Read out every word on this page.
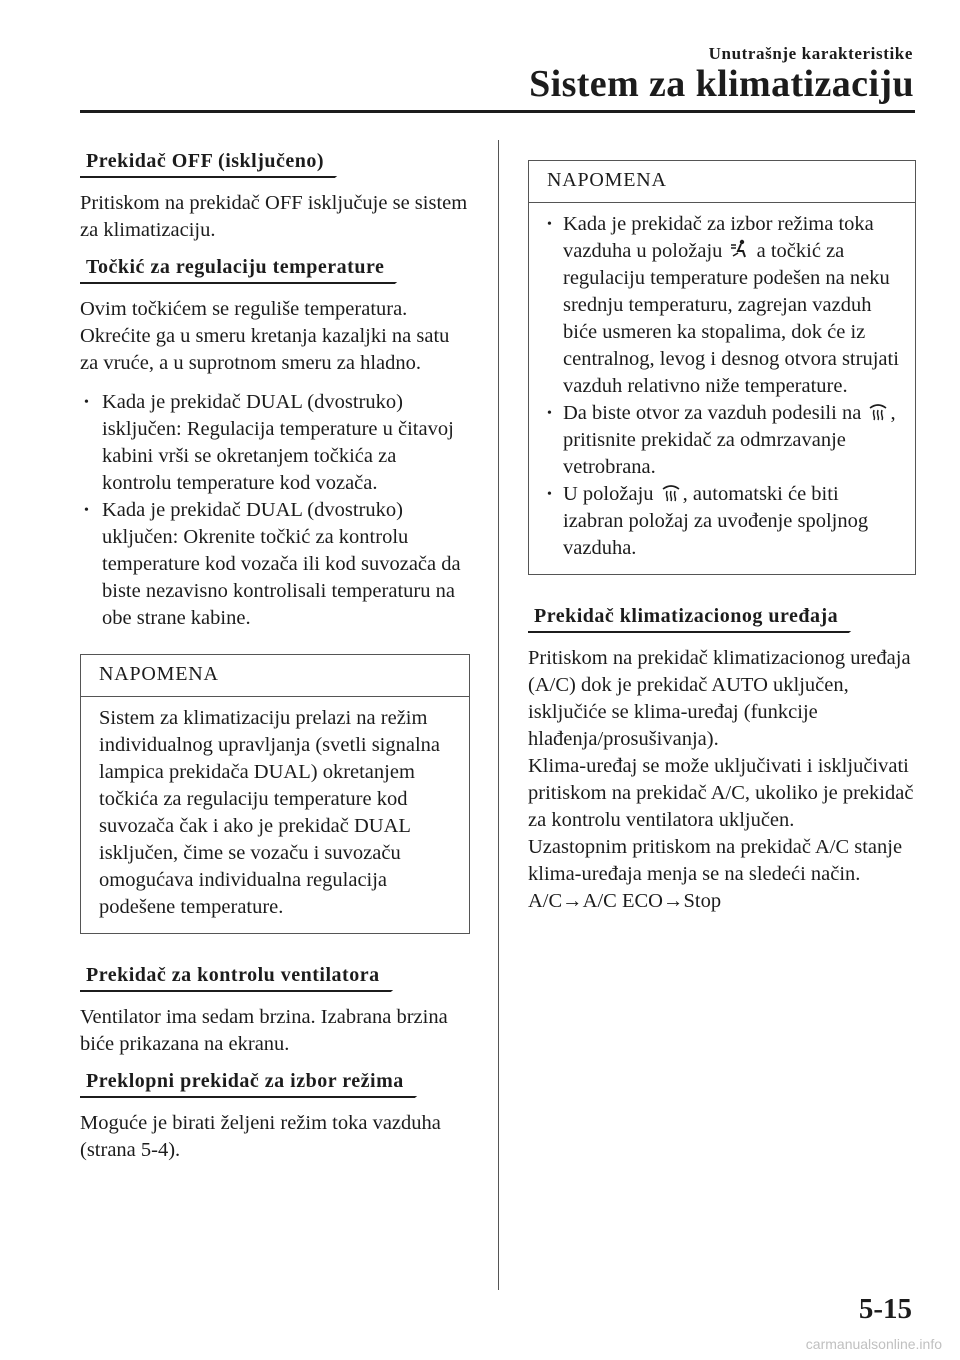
Unutrašnje karakteristike
Sistem za klimatizaciju
Prekidač OFF (isključeno)

Pritiskom na prekidač OFF isključuje se sistem za klimatizaciju.

Točkić za regulaciju temperature

Ovim točkićem se reguliše temperatura. Okrećite ga u smeru kretanja kazaljki na satu za vruće, a u suprotnom smeru za hladno.

• Kada je prekidač DUAL (dvostruko) isključen: Regulacija temperature u čitavoj kabini vrši se okretanjem točkića za kontrolu temperature kod vozača.
• Kada je prekidač DUAL (dvostruko) uključen: Okrenite točkić za kontrolu temperature kod vozača ili kod suvozača da biste nezavisno kontrolisali temperaturu na obe strane kabine.
NAPOMENA
Sistem za klimatizaciju prelazi na režim individualnog upravljanja (svetli signalna lampica prekidača DUAL) okretanjem točkića za regulaciju temperature kod suvozača čak i ako je prekidač DUAL isključen, čime se vozaču i suvozaču omogućava individualna regulacija podešene temperature.
Prekidač za kontrolu ventilatora

Ventilator ima sedam brzina. Izabrana brzina biće prikazana na ekranu.

Preklopni prekidač za izbor režima

Moguće je birati željeni režim toka vazduha (strana 5-4).

NAPOMENA
• Kada je prekidač za izbor režima toka vazduha u položaju  a točkić za regulaciju temperature podešen na neku srednju temperaturu, zagrejan vazduh biće usmeren ka stopalima, dok će iz centralnog, levog i desnog otvora strujati vazduh relativno niže temperature.
• Da biste otvor za vazduh podesili na , pritisnite prekidač za odmrzavanje vetrobrana.
• U položaju , automatski će biti izabran položaj za uvođenje spoljnog vazduha.
Prekidač klimatizacionog uređaja

Pritiskom na prekidač klimatizacionog uređaja (A/C) dok je prekidač AUTO uključen, isključiće se klima-uređaj (funkcije hlađenja/prosušivanja).

Klima-uređaj se može uključivati i isključivati pritiskom na prekidač A/C, ukoliko je prekidač za kontrolu ventilatora uključen.

Uzastopnim pritiskom na prekidač A/C stanje klima-uređaja menja se na sledeći način.

A/C→A/C ECO→Stop

5-15
carmanualsonline.info
